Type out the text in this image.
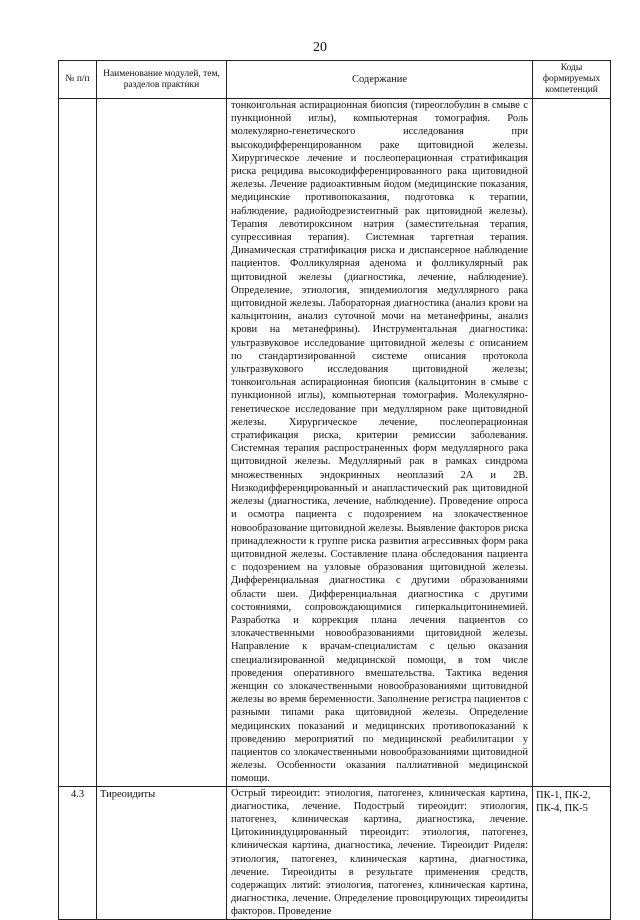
20
№ п/п	Наименование модулей, тем, разделов практики	Содержание	Коды формируемых компетенций
		тонкоигольная аспирационная биопсия (тиреоглобулин в смыве с пункционной иглы), компьютерная томография. Роль молекулярно-генетического исследования при высокодифференцированном раке щитовидной железы. Хирургическое лечение и послеоперационная стратификация риска рецидива высокодифференцированного рака щитовидной железы. Лечение радиоактивным йодом (медицинские показания, медицинские противопоказания, подготовка к терапии, наблюдение, радиойодрезистентный рак щитовидной железы). Терапия левотироксином натрия (заместительная терапия, супрессивная терапия). Системная таргетная терапия. Динамическая стратификация риска и диспансерное наблюдение пациентов. Фолликулярная аденома и фолликулярный рак щитовидной железы (диагностика, лечение, наблюдение). Определение, этиология, эпидемиология медуллярного рака щитовидной железы. Лабораторная диагностика (анализ крови на кальцитонин, анализ суточной мочи на метанефрины, анализ крови на метанефрины). Инструментальная диагностика: ультразвуковое исследование щитовидной железы с описанием по стандартизированной системе описания протокола ультразвукового исследования щитовидной железы; тонкоигольная аспирационная биопсия (кальцитонин в смыве с пункционной иглы), компьютерная томография. Молекулярно-генетическое исследование при медуллярном раке щитовидной железы. Хирургическое лечение, послеоперационная стратификация риска, критерии ремиссии заболевания. Системная терапия распространенных форм медуллярного рака щитовидной железы. Медуллярный рак в рамках синдрома множественных эндокринных неоплазий 2А и 2В. Низкодифференцированный и анапластический рак щитовидной железы (диагностика, лечение, наблюдение). Проведение опроса и осмотра пациента с подозрением на злокачественное новообразование щитовидной железы. Выявление факторов риска принадлежности к группе риска развития агрессивных форм рака щитовидной железы. Составление плана обследования пациента с подозрением на узловые образования щитовидной железы. Дифференциальная диагностика с другими образованиями области шеи. Дифференциальная диагностика с другими состояниями, сопровождающимися гиперкальцитонинемией. Разработка и коррекция плана лечения пациентов со злокачественными новообразованиями щитовидной железы. Направление к врачам-специалистам с целью оказания специализированной медицинской помощи, в том числе проведения оперативного вмешательства. Тактика ведения женщин со злокачественными новообразованиями щитовидной железы во время беременности. Заполнение регистра пациентов с разными типами рака щитовидной железы. Определение медицинских показаний и медицинских противопоказаний к проведению мероприятий по медицинской реабилитации у пациентов со злокачественными новообразованиями щитовидной железы. Особенности оказания паллиативной медицинской помощи.	
4.3	Тиреоидиты	Острый тиреоидит: этиология, патогенез, клиническая картина, диагностика, лечение. Подострый тиреоидит: этиология, патогенез, клиническая картина, диагностика, лечение. Цитокининдуцированный тиреоидит: этиология, патогенез, клиническая картина, диагностика, лечение. Тиреоидит Риделя: этиология, патогенез, клиническая картина, диагностика, лечение. Тиреоидиты в результате применения средств, содержащих литий: этиология, патогенез, клиническая картина, диагностика, лечение. Определение провоцирующих тиреоидиты факторов. Проведение	ПК-1, ПК-2, ПК-4, ПК-5
